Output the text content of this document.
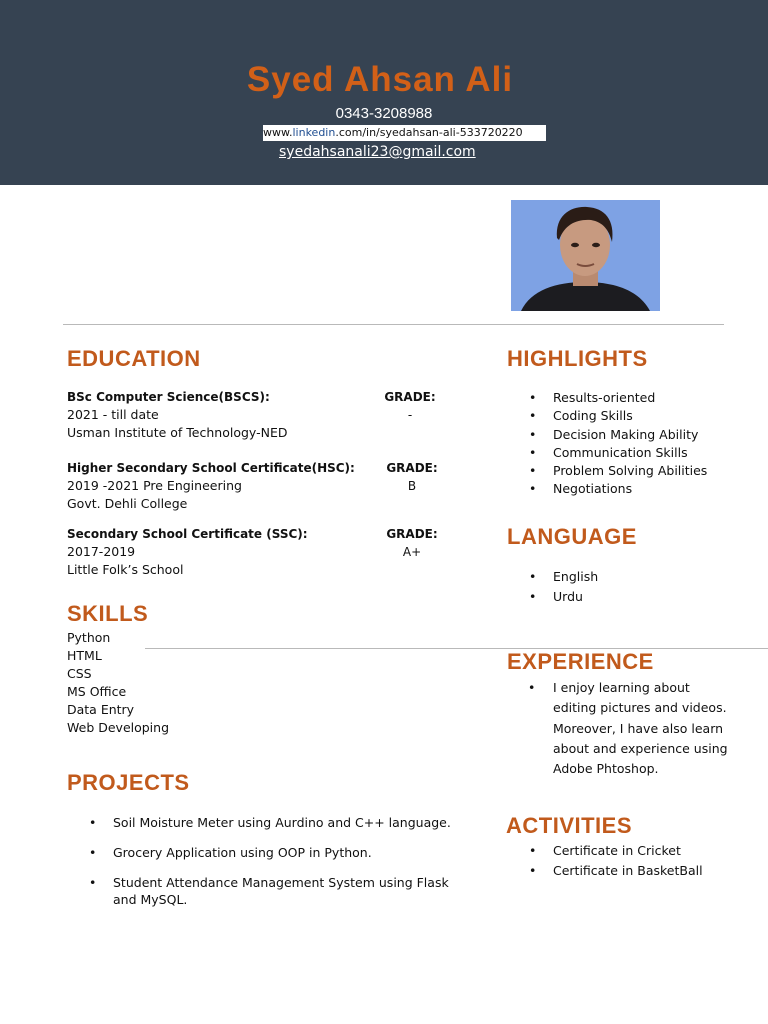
Syed Ahsan Ali
0343-3208988
www.linkedin.com/in/syedahsan-ali-533720220
syedahsanali23@gmail.com
EDUCATION
BSc Computer Science(BSCS):
2021 - till date
Usman Institute of Technology-NED
GRADE:
-
Higher Secondary School Certificate(HSC):
2019 -2021 Pre Engineering
Govt. Dehli College
GRADE:
B
Secondary School Certificate (SSC):
2017-2019
Little Folk’s School
GRADE:
A+
SKILLS
Python
HTML
CSS
MS Office
Data Entry
Web Developing
PROJECTS
• Soil Moisture Meter using Aurdino and C++ language.
• Grocery Application using OOP in Python.
• Student Attendance Management System using Flask and MySQL.
HIGHLIGHTS
• Results-oriented
• Coding Skills
• Decision Making Ability
• Communication Skills
• Problem Solving Abilities
• Negotiations
LANGUAGE
• English
• Urdu
EXPERIENCE
• I enjoy learning about editing pictures and videos. Moreover, I have also learn about and experience using Adobe Phtoshop.
ACTIVITIES
• Certificate in Cricket
• Certificate in BasketBall
